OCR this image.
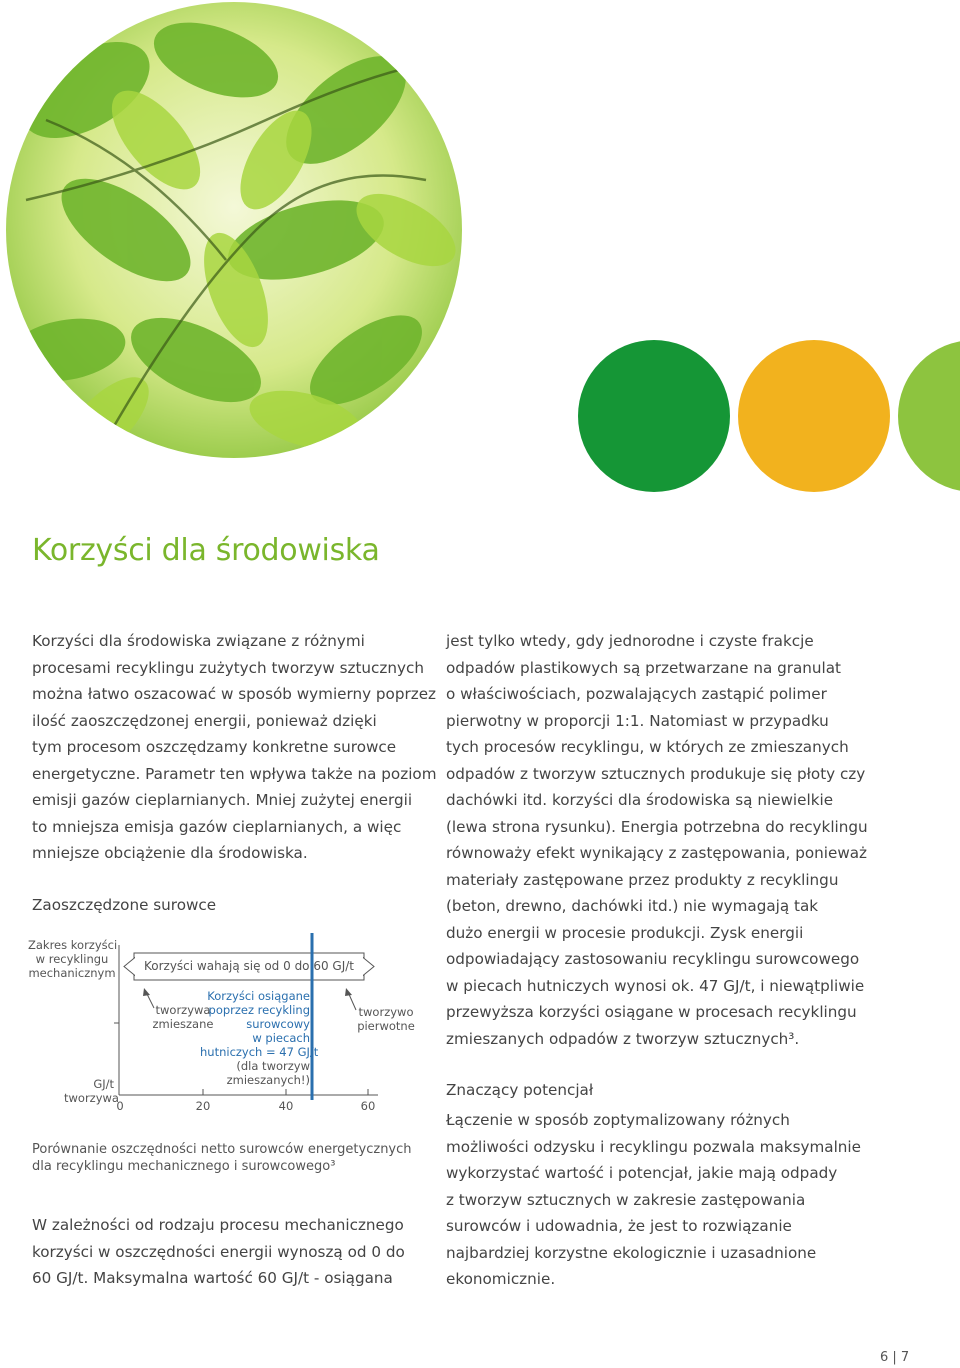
Korzyści dla środowiska

Korzyści dla środowiska związane z różnymi

procesami recyklingu zużytych tworzyw sztucznych

można łatwo oszacować w sposób wymierny poprzez

ilość zaoszczędzonej energii, ponieważ dzięki

tym procesom oszczędzamy konkretne surowce

energetyczne. Parametr ten wpływa także na poziom

emisji gazów cieplarnianych. Mniej zużytej energii

to mniejsza emisja gazów cieplarnianych, a więc

mniejsze obciążenie dla środowiska.

Zaoszczędzone surowce
Zakres korzyści
w recyklingu
mechanicznym	Korzyści wahają się od 0 do 60 GJ/t
tworzywa
zmieszane
Korzyści osiągane
poprzez recykling
surowcowy
w piecach
hutniczych = 47 GJ/t
(dla tworzyw
zmieszanych!)
tworzywo
pierwotne
GJ/t
tworzywa
0	20	40	60

Porównanie oszczędności netto surowców energetycznych

dla recyklingu mechanicznego i surowcowego³

W zależności od rodzaju procesu mechanicznego

korzyści w oszczędności energii wynoszą od 0 do

60 GJ/t. Maksymalna wartość 60 GJ/t - osiągana

jest tylko wtedy, gdy jednorodne i czyste frakcje

odpadów plastikowych są przetwarzane na granulat

o właściwościach, pozwalających zastąpić polimer

pierwotny w proporcji 1:1. Natomiast w przypadku

tych procesów recyklingu, w których ze zmieszanych

odpadów z tworzyw sztucznych produkuje się płoty czy

dachówki itd. korzyści dla środowiska są niewielkie

(lewa strona rysunku). Energia potrzebna do recyklingu

równoważy efekt wynikający z zastępowania, ponieważ

materiały zastępowane przez produkty z recyklingu

(beton, drewno, dachówki itd.) nie wymagają tak

dużo energii w procesie produkcji. Zysk energii

odpowiadający zastosowaniu recyklingu surowcowego

w piecach hutniczych wynosi ok. 47 GJ/t, i niewątpliwie

przewyższa korzyści osiągane w procesach recyklingu

zmieszanych odpadów z tworzyw sztucznych³.

Znaczący potencjał

Łączenie w sposób zoptymalizowany różnych

możliwości odzysku i recyklingu pozwala maksymalnie

wykorzystać wartość i potencjał, jakie mają odpady

z tworzyw sztucznych w zakresie zastępowania

surowców i udowadnia, że jest to rozwiązanie

najbardziej korzystne ekologicznie i uzasadnione

ekonomicznie.

6 | 7
